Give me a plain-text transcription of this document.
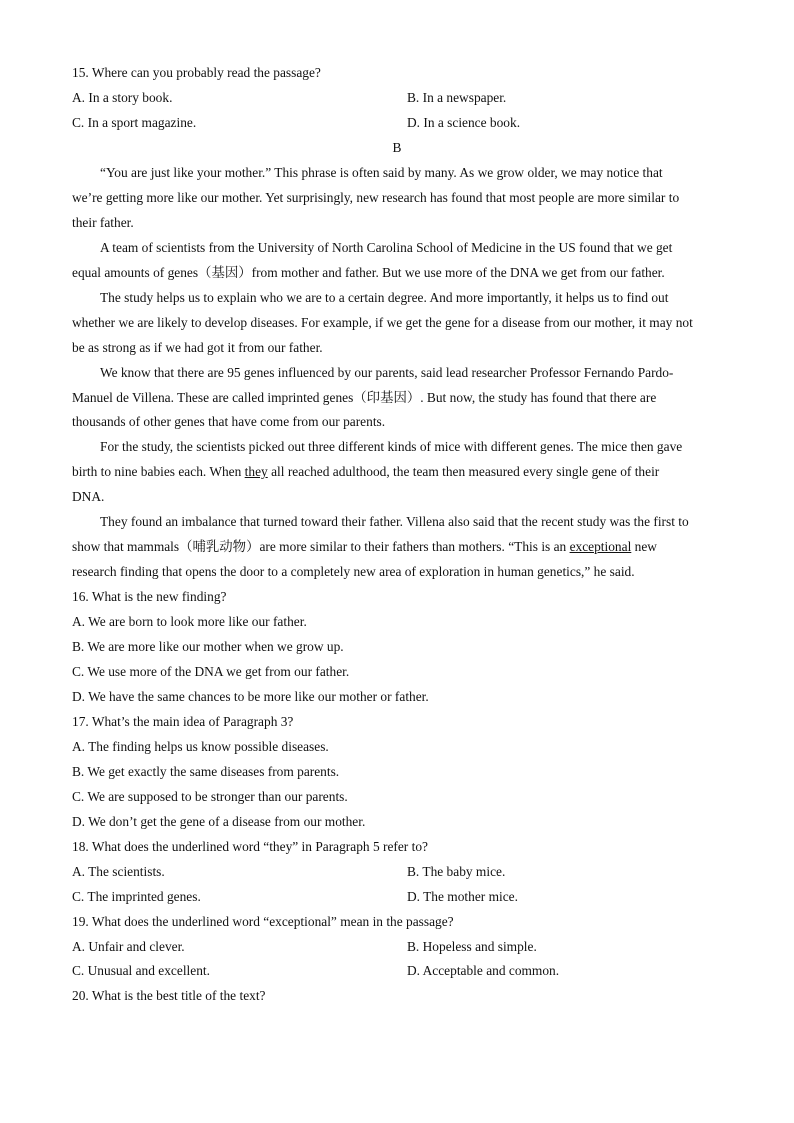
15. Where can you probably read the passage?
A. In a story book.	B. In a newspaper.
C. In a sport magazine.	D. In a science book.
B
“You are just like your mother.” This phrase is often said by many. As we grow older, we may notice that
we’re getting more like our mother. Yet surprisingly, new research has found that most people are more similar to
their father.
A team of scientists from the University of North Carolina School of Medicine in the US found that we get
equal amounts of genes（基因）from mother and father. But we use more of the DNA we get from our father.
The study helps us to explain who we are to a certain degree. And more importantly, it helps us to find out
whether we are likely to develop diseases. For example, if we get the gene for a disease from our mother, it may not
be as strong as if we had got it from our father.
We know that there are 95 genes influenced by our parents, said lead researcher Professor Fernando Pardo-
Manuel de Villena. These are called imprinted genes（印基因）. But now, the study has found that there are
thousands of other genes that have come from our parents.
For the study, the scientists picked out three different kinds of mice with different genes. The mice then gave
birth to nine babies each. When they all reached adulthood, the team then measured every single gene of their
DNA.
They found an imbalance that turned toward their father. Villena also said that the recent study was the first to
show that mammals（哺乳动物）are more similar to their fathers than mothers. “This is an exceptional new
research finding that opens the door to a completely new area of exploration in human genetics,” he said.
16. What is the new finding?
A. We are born to look more like our father.
B. We are more like our mother when we grow up.
C. We use more of the DNA we get from our father.
D. We have the same chances to be more like our mother or father.
17. What’s the main idea of Paragraph 3?
A. The finding helps us know possible diseases.
B. We get exactly the same diseases from parents.
C. We are supposed to be stronger than our parents.
D. We don’t get the gene of a disease from our mother.
18. What does the underlined word “they” in Paragraph 5 refer to?
A. The scientists.	B. The baby mice.
C. The imprinted genes.	D. The mother mice.
19. What does the underlined word “exceptional” mean in the passage?
A. Unfair and clever.	B. Hopeless and simple.
C. Unusual and excellent.	D. Acceptable and common.
20. What is the best title of the text?
